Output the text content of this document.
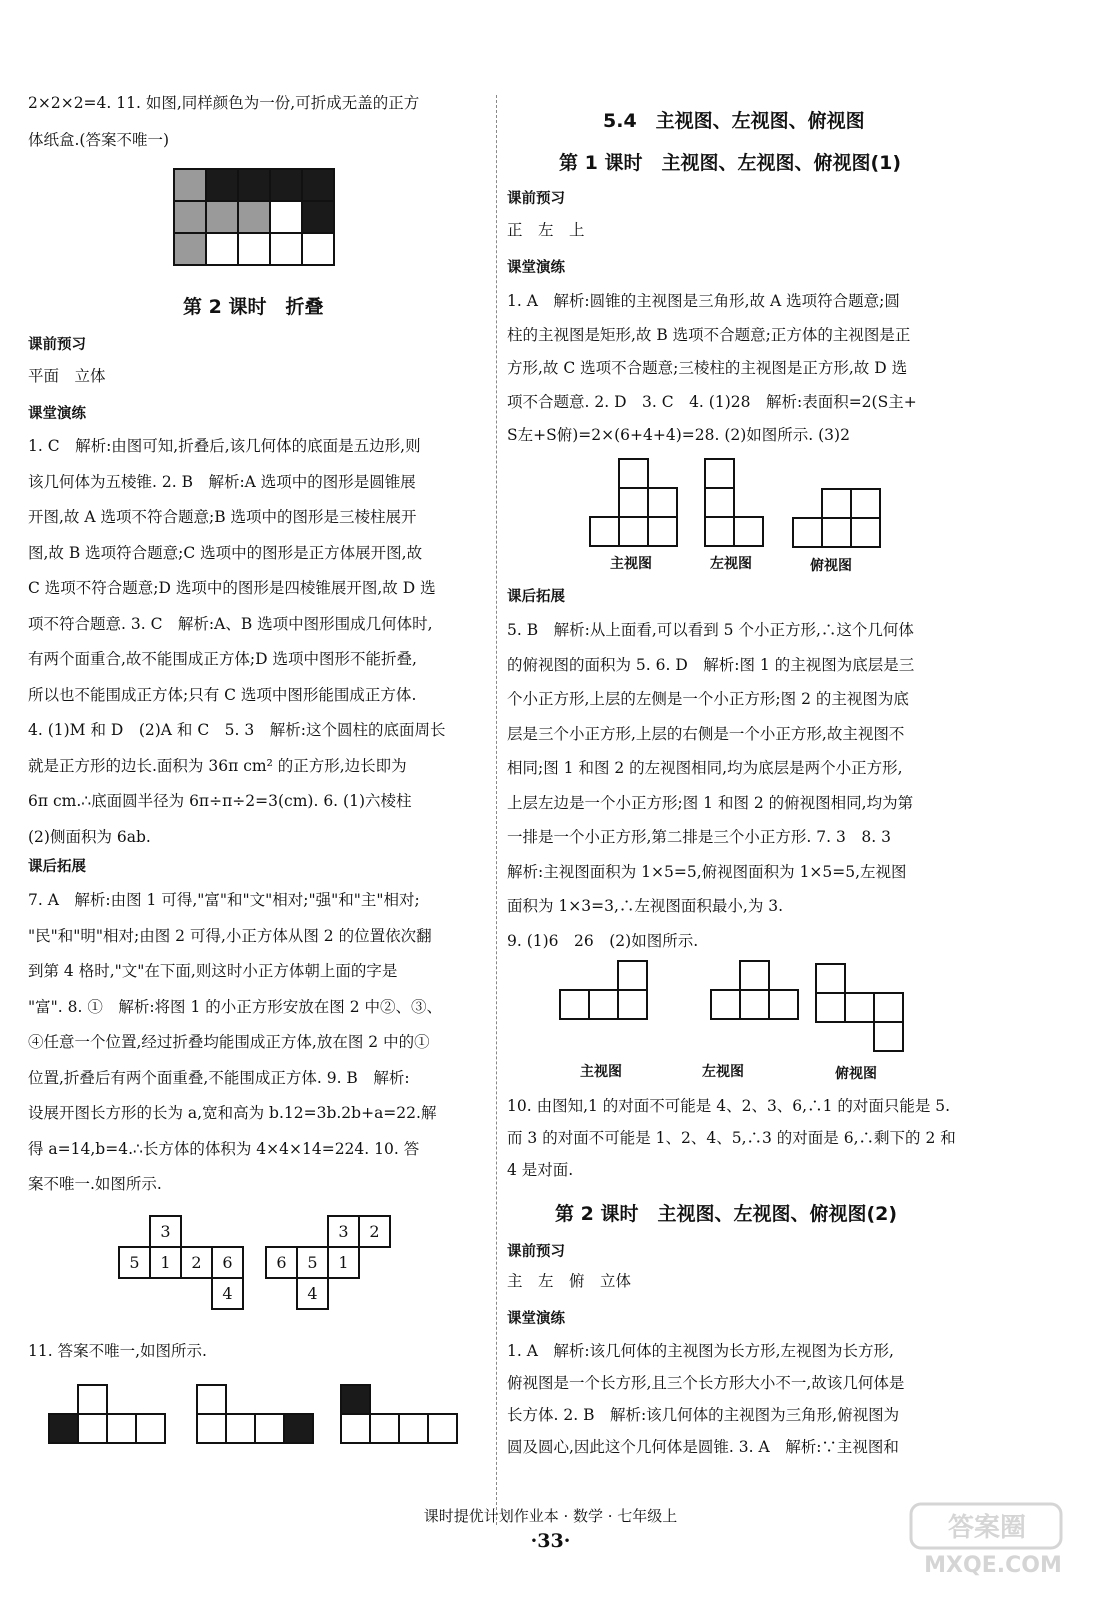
2×2×2=4. 11. 如图,同样颜色为一份,可折成无盖的正方
体纸盒.(答案不唯一)
第 2 课时　折叠
课前预习
平面　立体
课堂演练
1. C　解析:由图可知,折叠后,该几何体的底面是五边形,则
该几何体为五棱锥. 2. B　解析:A 选项中的图形是圆锥展
开图,故 A 选项不符合题意;B 选项中的图形是三棱柱展开
图,故 B 选项符合题意;C 选项中的图形是正方体展开图,故
C 选项不符合题意;D 选项中的图形是四棱锥展开图,故 D 选
项不符合题意. 3. C　解析:A、B 选项中图形围成几何体时,
有两个面重合,故不能围成正方体;D 选项中图形不能折叠,
所以也不能围成正方体;只有 C 选项中图形能围成正方体.
4. (1)M 和 D　(2)A 和 C　5. 3　解析:这个圆柱的底面周长
就是正方形的边长.面积为 36π cm² 的正方形,边长即为
6π cm.∴底面圆半径为 6π÷π÷2=3(cm). 6. (1)六棱柱
(2)侧面积为 6ab.
课后拓展
7. A　解析:由图 1 可得,"富"和"文"相对;"强"和"主"相对;
"民"和"明"相对;由图 2 可得,小正方体从图 2 的位置依次翻
到第 4 格时,"文"在下面,则这时小正方体朝上面的字是
"富". 8. ①　解析:将图 1 的小正方形安放在图 2 中②、③、
④任意一个位置,经过折叠均能围成正方体,放在图 2 中的①
位置,折叠后有两个面重叠,不能围成正方体. 9. B　解析:
设展开图长方形的长为 a,宽和高为 b.12=3b.2b+a=22.解
得 a=14,b=4.∴长方体的体积为 4×4×14=224. 10. 答
案不唯一.如图所示.
3
5	1	2	6
4
3	2
6	5	1
4
11. 答案不唯一,如图所示.
5.4　主视图、左视图、俯视图
第 1 课时　主视图、左视图、俯视图(1)
课前预习
正　左　上
课堂演练
1. A　解析:圆锥的主视图是三角形,故 A 选项符合题意;圆
柱的主视图是矩形,故 B 选项不合题意;正方体的主视图是正
方形,故 C 选项不合题意;三棱柱的主视图是正方形,故 D 选
项不合题意. 2. D　3. C　4. (1)28　解析:表面积=2(S主+
S左+S俯)=2×(6+4+4)=28. (2)如图所示. (3)2
主视图	左视图	俯视图
课后拓展
5. B　解析:从上面看,可以看到 5 个小正方形,∴这个几何体
的俯视图的面积为 5. 6. D　解析:图 1 的主视图为底层是三
个小正方形,上层的左侧是一个小正方形;图 2 的主视图为底
层是三个小正方形,上层的右侧是一个小正方形,故主视图不
相同;图 1 和图 2 的左视图相同,均为底层是两个小正方形,
上层左边是一个小正方形;图 1 和图 2 的俯视图相同,均为第
一排是一个小正方形,第二排是三个小正方形. 7. 3　8. 3
解析:主视图面积为 1×5=5,俯视图面积为 1×5=5,左视图
面积为 1×3=3,∴左视图面积最小,为 3.
9. (1)6　26　(2)如图所示.
主视图	左视图	俯视图
10. 由图知,1 的对面不可能是 4、2、3、6,∴1 的对面只能是 5.
而 3 的对面不可能是 1、2、4、5,∴3 的对面是 6,∴剩下的 2 和
4 是对面.
第 2 课时　主视图、左视图、俯视图(2)
课前预习
主　左　俯　立体
课堂演练
1. A　解析:该几何体的主视图为长方形,左视图为长方形,
俯视图是一个长方形,且三个长方形大小不一,故该几何体是
长方体. 2. B　解析:该几何体的主视图为三角形,俯视图为
圆及圆心,因此这个几何体是圆锥. 3. A　解析:∵主视图和
课时提优计划作业本 · 数学 · 七年级上
·33·	答案圈
MXQE.COM
